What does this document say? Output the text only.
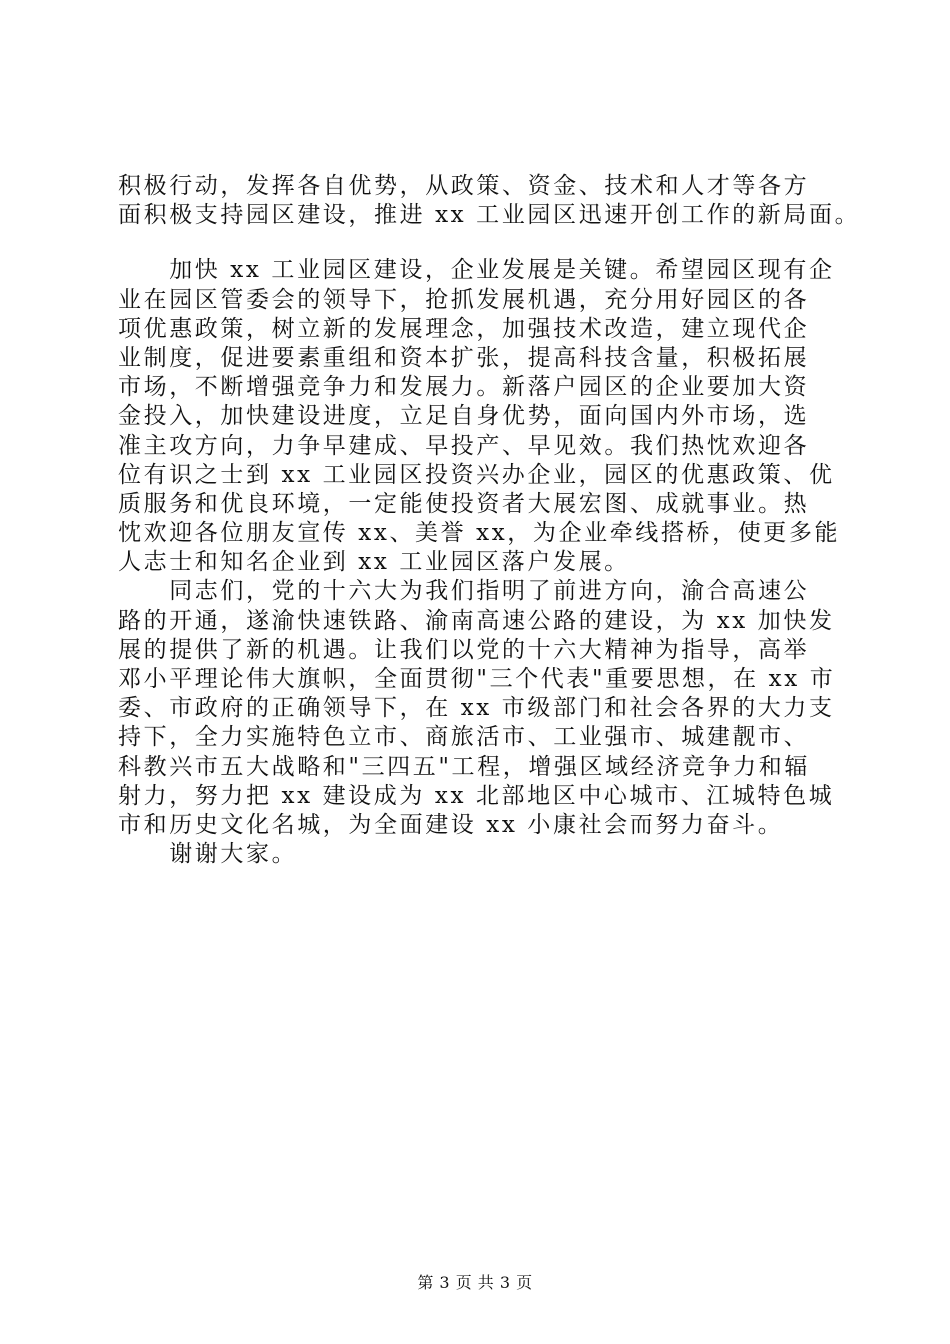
积极行动，发挥各自优势，从政策、资金、技术和人才等各方
面积极支持园区建设，推进 xx 工业园区迅速开创工作的新局面。
　　加快 xx 工业园区建设，企业发展是关键。希望园区现有企
业在园区管委会的领导下，抢抓发展机遇，充分用好园区的各
项优惠政策，树立新的发展理念，加强技术改造，建立现代企
业制度，促进要素重组和资本扩张，提高科技含量，积极拓展
市场，不断增强竞争力和发展力。新落户园区的企业要加大资
金投入，加快建设进度，立足自身优势，面向国内外市场，选
准主攻方向，力争早建成、早投产、早见效。我们热忱欢迎各
位有识之士到 xx 工业园区投资兴办企业，园区的优惠政策、优
质服务和优良环境，一定能使投资者大展宏图、成就事业。热
忱欢迎各位朋友宣传 xx、美誉 xx，为企业牵线搭桥，使更多能
人志士和知名企业到 xx 工业园区落户发展。
　　同志们，党的十六大为我们指明了前进方向，渝合高速公
路的开通，遂渝快速铁路、渝南高速公路的建设，为 xx 加快发
展的提供了新的机遇。让我们以党的十六大精神为指导，高举
邓小平理论伟大旗帜，全面贯彻"三个代表"重要思想，在 xx 市
委、市政府的正确领导下，在 xx 市级部门和社会各界的大力支
持下，全力实施特色立市、商旅活市、工业强市、城建靓市、
科教兴市五大战略和"三四五"工程，增强区域经济竞争力和辐
射力，努力把 xx 建设成为 xx 北部地区中心城市、江城特色城
市和历史文化名城，为全面建设 xx 小康社会而努力奋斗。
　　谢谢大家。
第 3 页 共 3 页
